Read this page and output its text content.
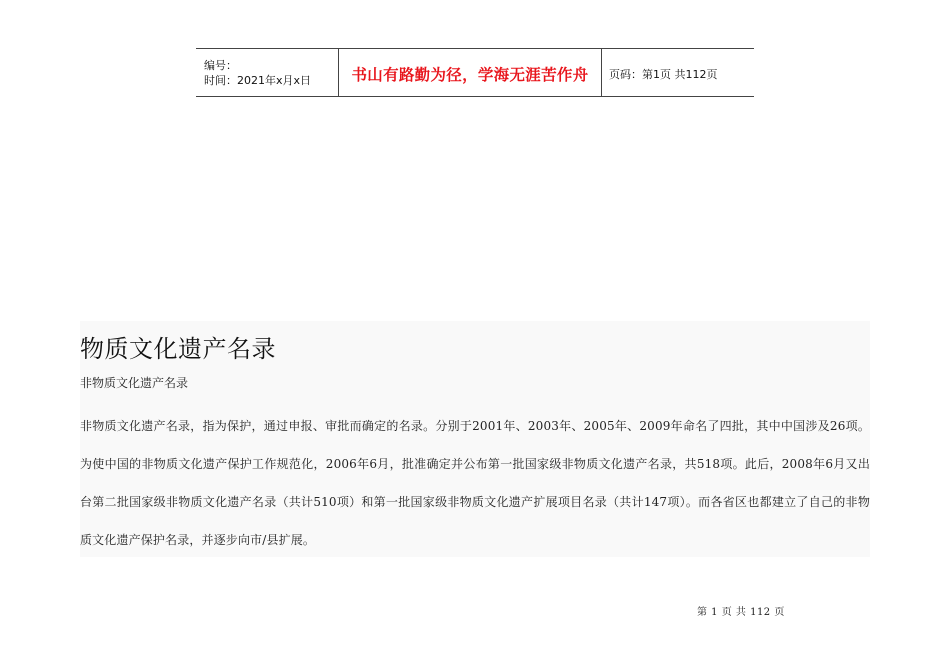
编号：
时间：2021年x月x日	书山有路勤为径，学海无涯苦作舟 页码：第1页 共112页
物质文化遗产名录
非物质文化遗产名录
非物质文化遗产名录，指为保护，通过申报、审批而确定的名录。分别于2001年、2003年、2005年、2009年命名了四批，其中中国涉及26项。为使中国的非物质文化遗产保护工作规范化，2006年6月，批准确定并公布第一批国家级非物质文化遗产名录，共518项。此后，2008年6月又出台第二批国家级非物质文化遗产名录（共计510项）和第一批国家级非物质文化遗产扩展项目名录（共计147项）。而各省区也都建立了自己的非物质文化遗产保护名录，并逐步向市/县扩展。
第 1 页 共 112 页
